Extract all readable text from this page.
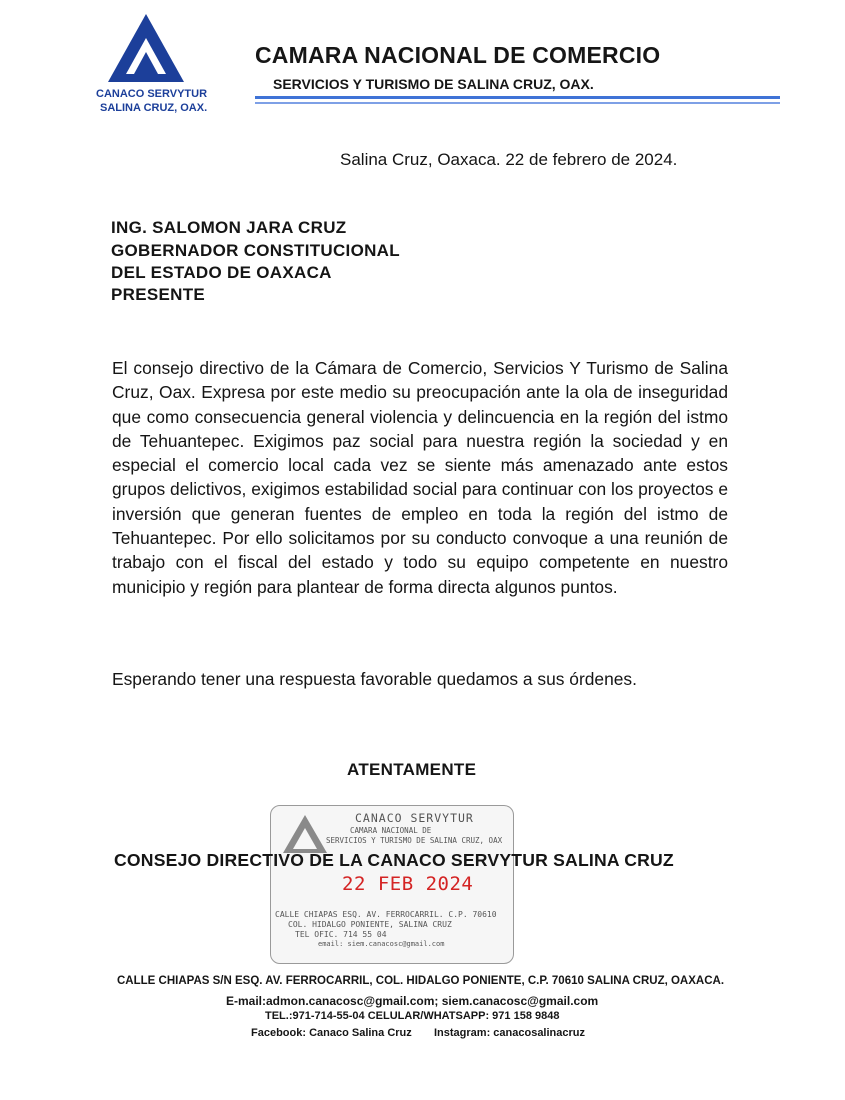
CANACO SERVYTUR
SALINA CRUZ, OAX.
CAMARA NACIONAL DE COMERCIO
SERVICIOS Y TURISMO DE SALINA CRUZ, OAX.
Salina Cruz, Oaxaca. 22 de febrero de 2024.
ING. SALOMON JARA CRUZ
GOBERNADOR CONSTITUCIONAL
DEL ESTADO DE OAXACA
PRESENTE
El consejo directivo de la Cámara de Comercio, Servicios Y Turismo de Salina Cruz, Oax. Expresa por este medio su preocupación ante la ola de inseguridad que como consecuencia general violencia y delincuencia en la región del istmo de Tehuantepec. Exigimos paz social para nuestra región la sociedad y en especial el comercio local cada vez se siente más amenazado ante estos grupos delictivos, exigimos estabilidad social para continuar con los proyectos e inversión que generan fuentes de empleo en toda la región del istmo de Tehuantepec. Por ello solicitamos por su conducto convoque a una reunión de trabajo con el fiscal del estado y todo su equipo competente en nuestro municipio y región para plantear de forma directa algunos puntos.
Esperando tener una respuesta favorable quedamos a sus órdenes.
ATENTAMENTE
CANACO SERVYTUR
CAMARA NACIONAL DE
SERVICIOS Y TURISMO DE SALINA CRUZ, OAX
22 FEB 2024
CALLE CHIAPAS ESQ. AV. FERROCARRIL. C.P. 70610
COL. HIDALGO PONIENTE, SALINA CRUZ
TEL OFIC. 714 55 04
email: siem.canacosc@gmail.com
CONSEJO DIRECTIVO DE LA CANACO SERVYTUR SALINA CRUZ
CALLE CHIAPAS S/N ESQ. AV. FERROCARRIL, COL. HIDALGO PONIENTE, C.P. 70610 SALINA CRUZ, OAXACA.
E-mail:admon.canacosc@gmail.com; siem.canacosc@gmail.com
TEL.:971-714-55-04 CELULAR/WHATSAPP: 971 158 9848
Facebook: Canaco Salina Cruz Instagram: canacosalinacruz
